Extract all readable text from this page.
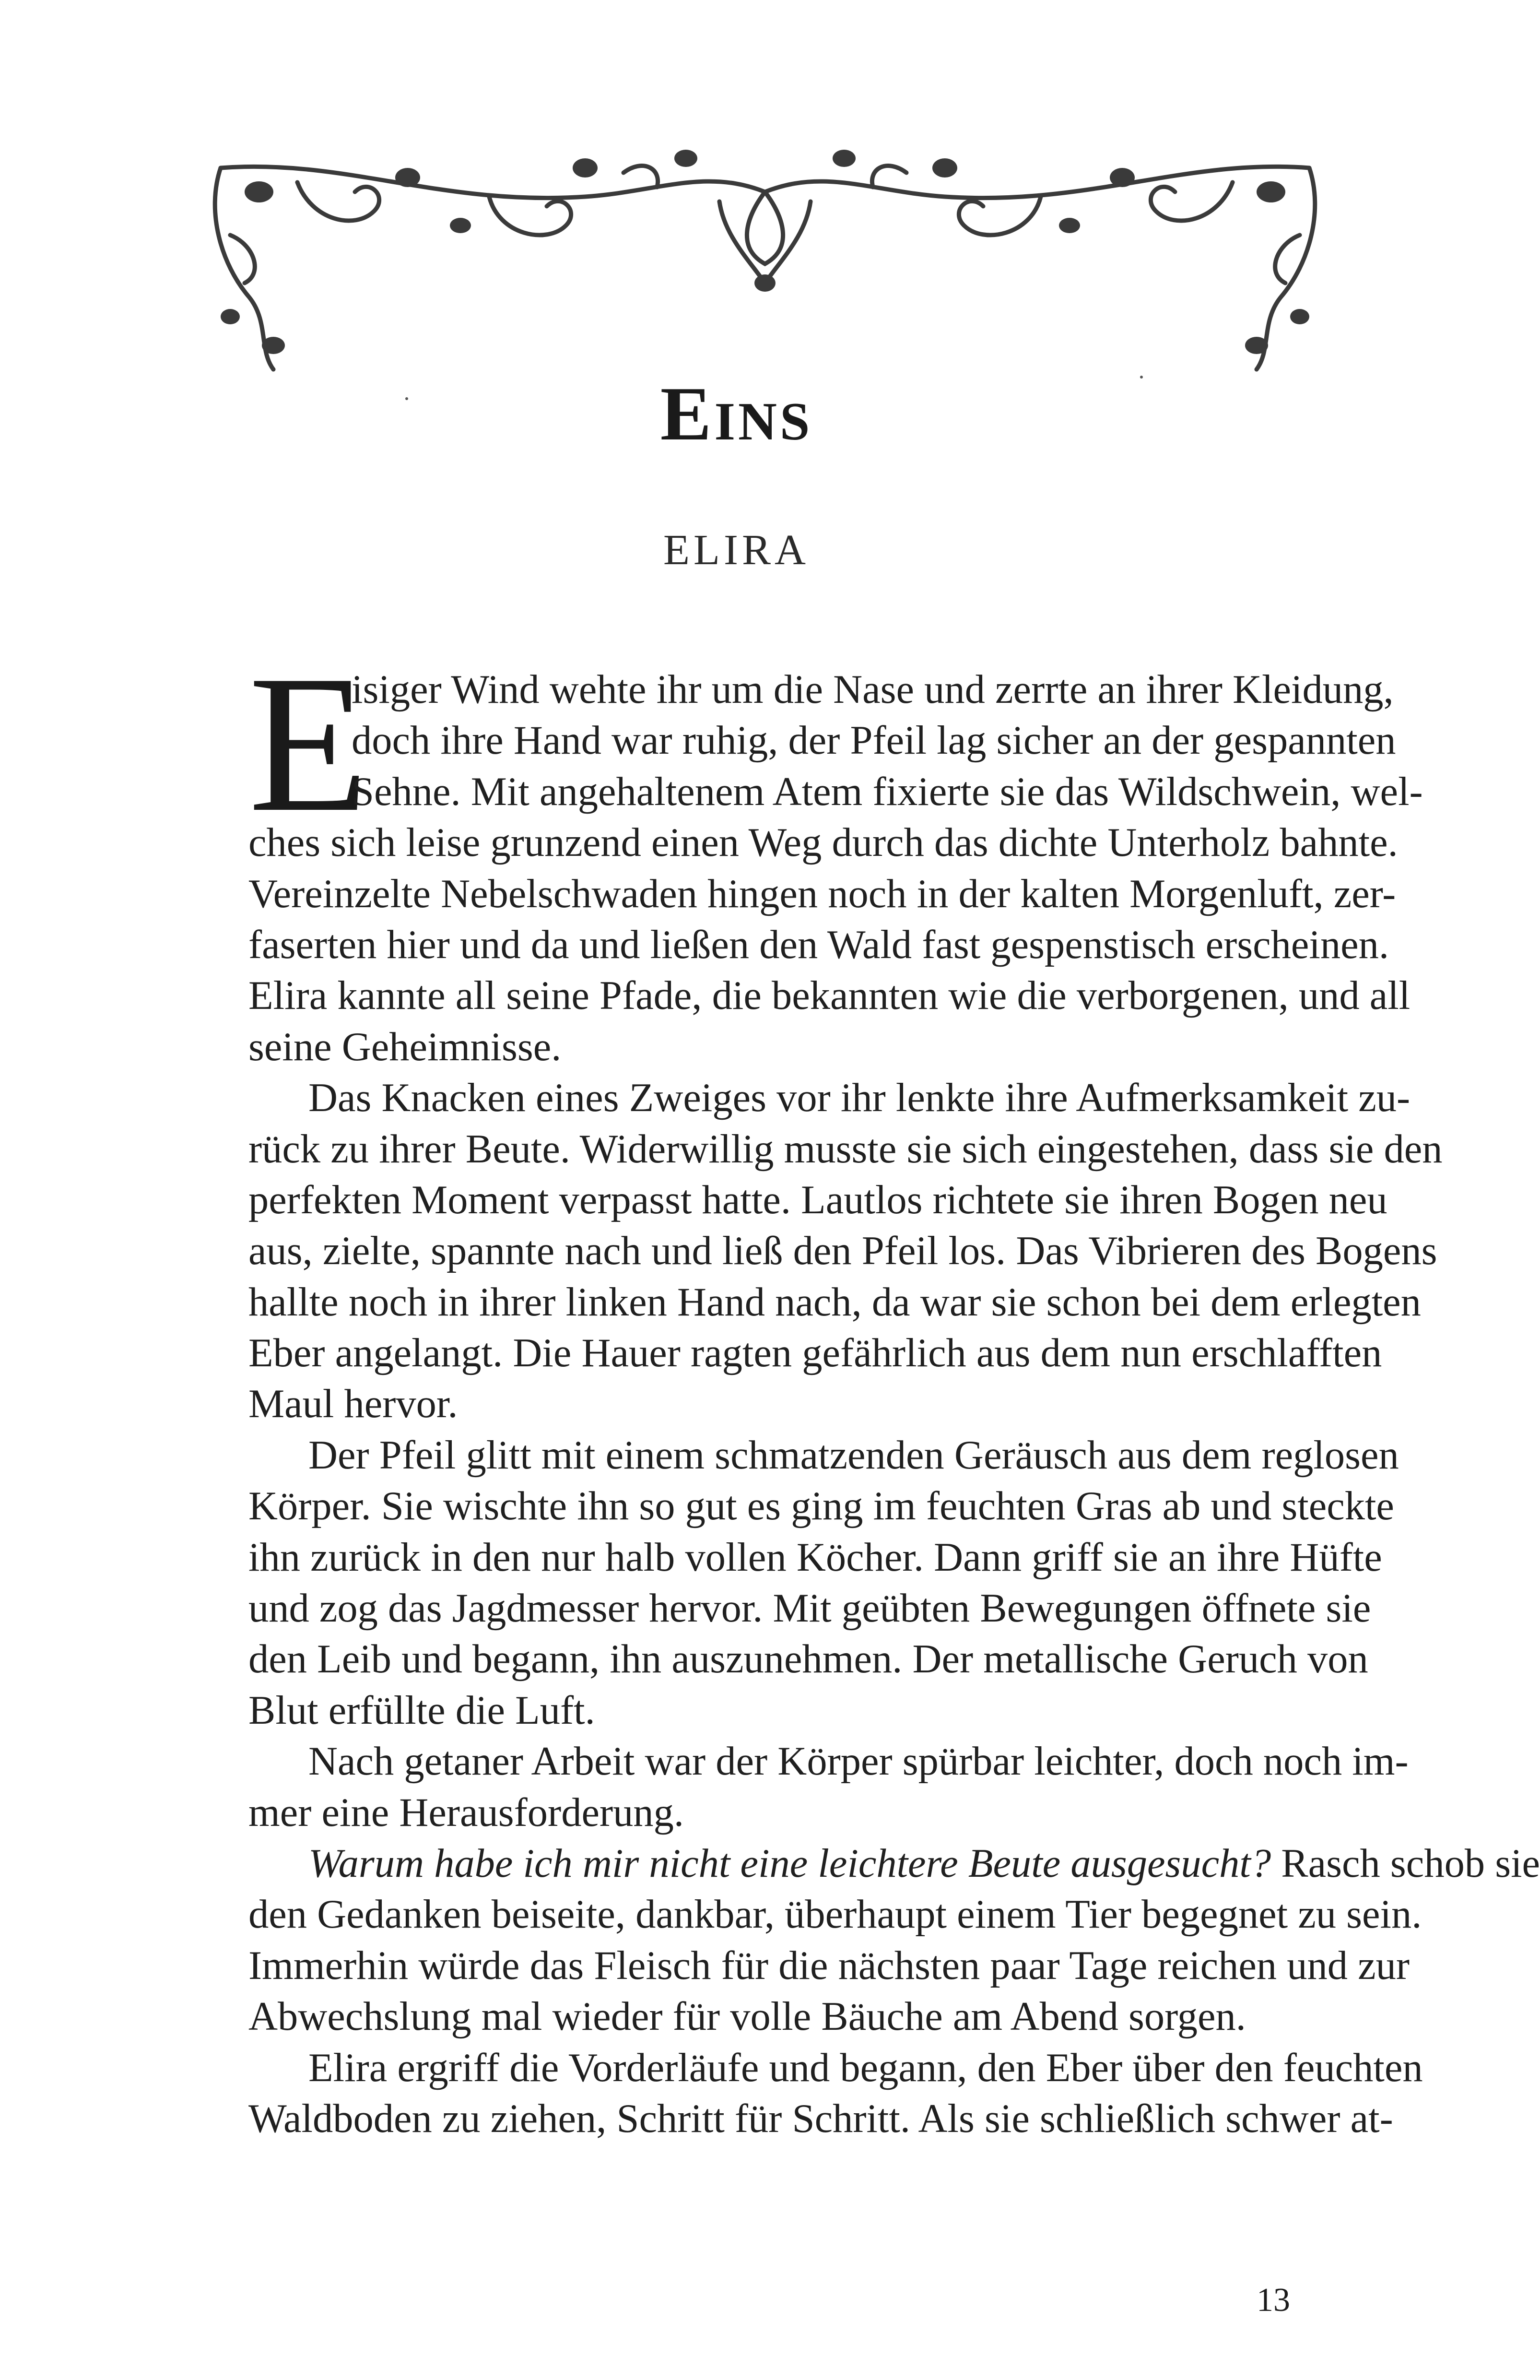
Eins
ELIRA
E
isiger Wind wehte ihr um die Nase und zerrte an ihrer Kleidung,
doch ihre Hand war ruhig, der Pfeil lag sicher an der gespannten
Sehne. Mit angehaltenem Atem fixierte sie das Wildschwein, wel-
ches sich leise grunzend einen Weg durch das dichte Unterholz bahnte.
Vereinzelte Nebelschwaden hingen noch in der kalten Morgenluft, zer-
faserten hier und da und ließen den Wald fast gespenstisch erscheinen.
Elira kannte all seine Pfade, die bekannten wie die verborgenen, und all
seine Geheimnisse.
Das Knacken eines Zweiges vor ihr lenkte ihre Aufmerksamkeit zu-
rück zu ihrer Beute. Widerwillig musste sie sich eingestehen, dass sie den
perfekten Moment verpasst hatte. Lautlos richtete sie ihren Bogen neu
aus, zielte, spannte nach und ließ den Pfeil los. Das Vibrieren des Bogens
hallte noch in ihrer linken Hand nach, da war sie schon bei dem erlegten
Eber angelangt. Die Hauer ragten gefährlich aus dem nun erschlafften
Maul hervor.
Der Pfeil glitt mit einem schmatzenden Geräusch aus dem reglosen
Körper. Sie wischte ihn so gut es ging im feuchten Gras ab und steckte
ihn zurück in den nur halb vollen Köcher. Dann griff sie an ihre Hüfte
und zog das Jagdmesser hervor. Mit geübten Bewegungen öffnete sie
den Leib und begann, ihn auszunehmen. Der metallische Geruch von
Blut erfüllte die Luft.
Nach getaner Arbeit war der Körper spürbar leichter, doch noch im-
mer eine Herausforderung.
Warum habe ich mir nicht eine leichtere Beute ausgesucht? Rasch schob sie
den Gedanken beiseite, dankbar, überhaupt einem Tier begegnet zu sein.
Immerhin würde das Fleisch für die nächsten paar Tage reichen und zur
Abwechslung mal wieder für volle Bäuche am Abend sorgen.
Elira ergriff die Vorderläufe und begann, den Eber über den feuchten
Waldboden zu ziehen, Schritt für Schritt. Als sie schließlich schwer at-
13
